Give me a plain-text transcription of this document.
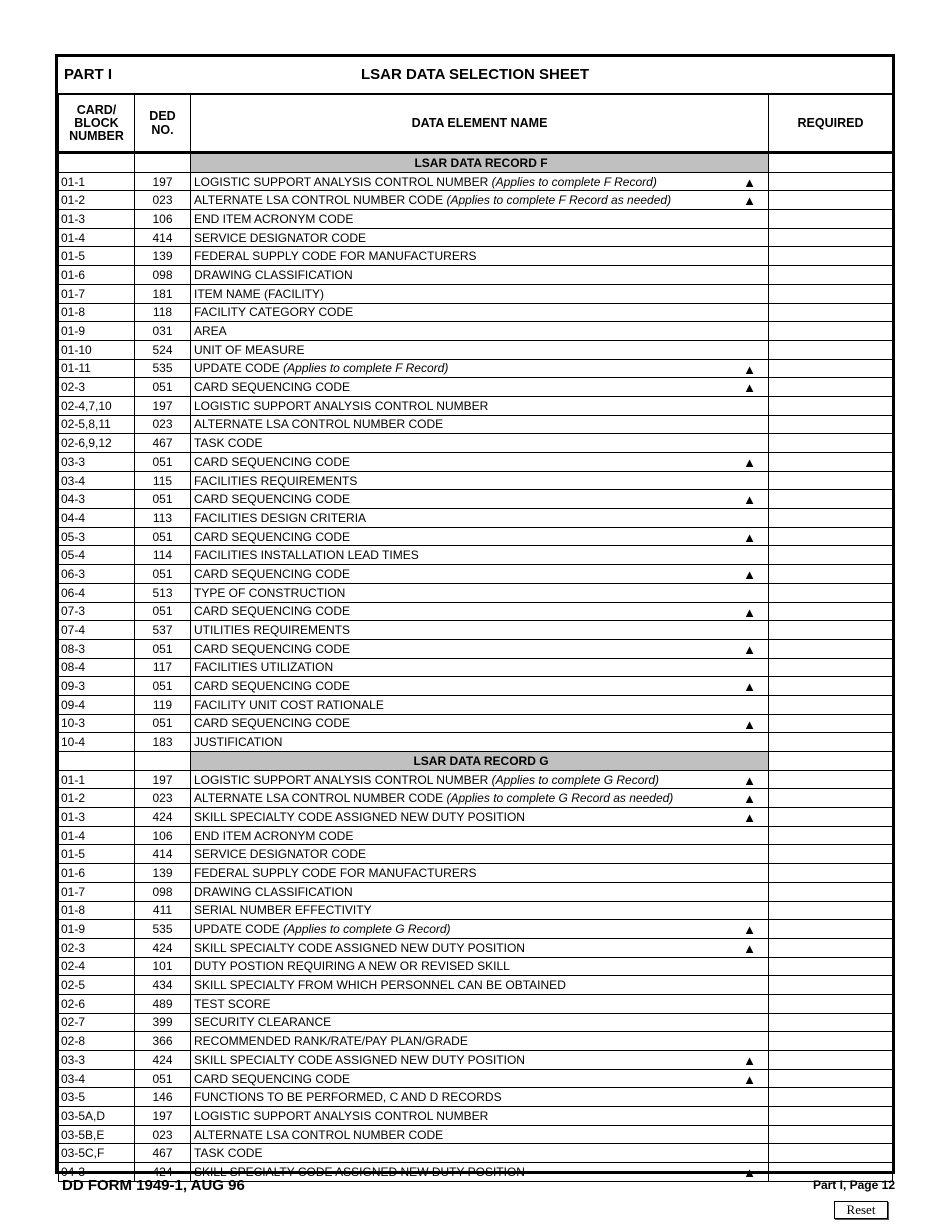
PART I	LSAR DATA SELECTION SHEET
CARD/ BLOCK NUMBER	DED NO.	DATA ELEMENT NAME	REQUIRED
		LSAR DATA RECORD F	
01-1	197	LOGISTIC SUPPORT ANALYSIS CONTROL NUMBER (Applies to complete F Record) ▲	

01-2	023	ALTERNATE LSA CONTROL NUMBER CODE (Applies to complete F Record as needed) ▲	

01-3	106	END ITEM ACRONYM CODE	
01-4	414	SERVICE DESIGNATOR CODE	
01-5	139	FEDERAL SUPPLY CODE FOR MANUFACTURERS	
01-6	098	DRAWING CLASSIFICATION	
01-7	181	ITEM NAME (FACILITY)	
01-8	118	FACILITY CATEGORY CODE	
01-9	031	AREA	
01-10	524	UNIT OF MEASURE	
01-11	535	UPDATE CODE (Applies to complete F Record) ▲	

02-3	051	CARD SEQUENCING CODE ▲	

02-4,7,10	197	LOGISTIC SUPPORT ANALYSIS CONTROL NUMBER	
02-5,8,11	023	ALTERNATE LSA CONTROL NUMBER CODE	
02-6,9,12	467	TASK CODE	
03-3	051	CARD SEQUENCING CODE ▲	

03-4	115	FACILITIES REQUIREMENTS	
04-3	051	CARD SEQUENCING CODE ▲	

04-4	113	FACILITIES DESIGN CRITERIA	
05-3	051	CARD SEQUENCING CODE ▲	

05-4	114	FACILITIES INSTALLATION LEAD TIMES	
06-3	051	CARD SEQUENCING CODE ▲	

06-4	513	TYPE OF CONSTRUCTION	
07-3	051	CARD SEQUENCING CODE ▲	

07-4	537	UTILITIES REQUIREMENTS	
08-3	051	CARD SEQUENCING CODE ▲	

08-4	117	FACILITIES UTILIZATION	
09-3	051	CARD SEQUENCING CODE ▲	

09-4	119	FACILITY UNIT COST RATIONALE	
10-3	051	CARD SEQUENCING CODE ▲	

10-4	183	JUSTIFICATION	
		LSAR DATA RECORD G	
01-1	197	LOGISTIC SUPPORT ANALYSIS CONTROL NUMBER (Applies to complete G Record) ▲	

01-2	023	ALTERNATE LSA CONTROL NUMBER CODE (Applies to complete G Record as needed) ▲	

01-3	424	SKILL SPECIALTY CODE ASSIGNED NEW DUTY POSITION ▲	

01-4	106	END ITEM ACRONYM CODE	
01-5	414	SERVICE DESIGNATOR CODE	
01-6	139	FEDERAL SUPPLY CODE FOR MANUFACTURERS	
01-7	098	DRAWING CLASSIFICATION	
01-8	411	SERIAL NUMBER EFFECTIVITY	
01-9	535	UPDATE CODE (Applies to complete G Record) ▲	

02-3	424	SKILL SPECIALTY CODE ASSIGNED NEW DUTY POSITION ▲	

02-4	101	DUTY POSTION REQUIRING A NEW OR REVISED SKILL	
02-5	434	SKILL SPECIALTY FROM WHICH PERSONNEL CAN BE OBTAINED	
02-6	489	TEST SCORE	
02-7	399	SECURITY CLEARANCE	
02-8	366	RECOMMENDED RANK/RATE/PAY PLAN/GRADE	
03-3	424	SKILL SPECIALTY CODE ASSIGNED NEW DUTY POSITION ▲	

03-4	051	CARD SEQUENCING CODE ▲	

03-5	146	FUNCTIONS TO BE PERFORMED, C AND D RECORDS	
03-5A,D	197	LOGISTIC SUPPORT ANALYSIS CONTROL NUMBER	
03-5B,E	023	ALTERNATE LSA CONTROL NUMBER CODE	
03-5C,F	467	TASK CODE	
04-3	424	SKILL SPECIALTY CODE ASSIGNED NEW DUTY POSITION ▲	

DD FORM 1949-1, AUG 96	Part I, Page 12
Reset
